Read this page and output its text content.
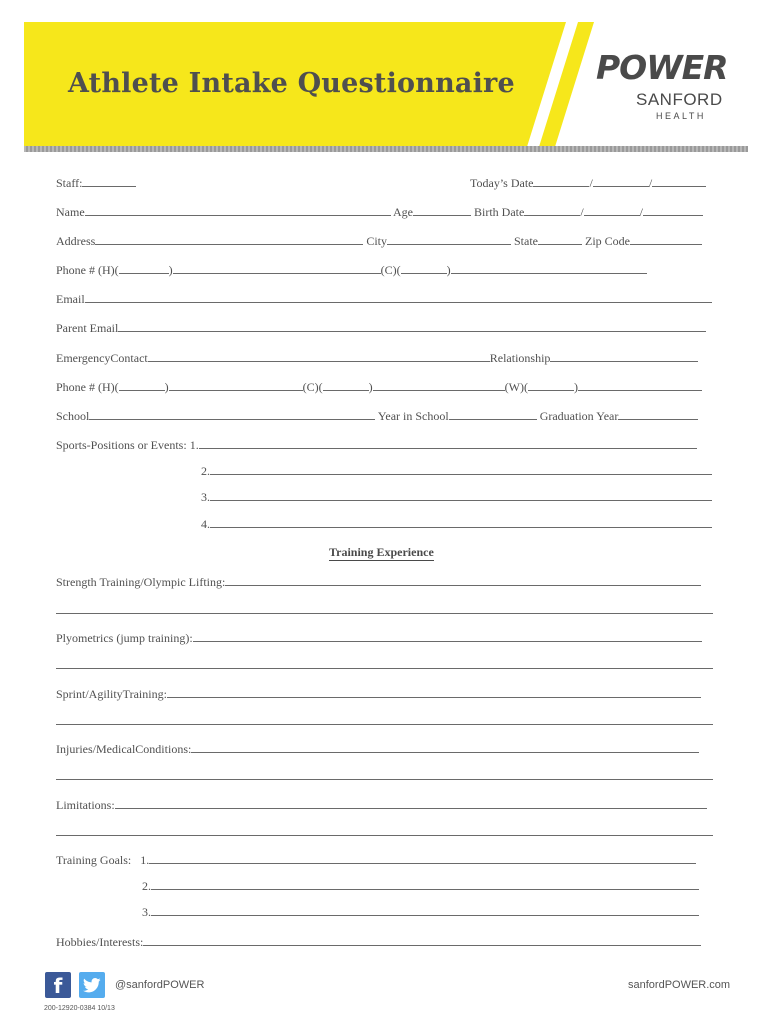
Athlete Intake Questionnaire POWER
SANFORD
HEALTH
Staff:	Today’s Date	/	/
Name	Age	Birth Date	/	/
Address	City	State	Zip Code
Phone # (H)(	)	(C)(	)
Email
Parent Email
EmergencyContact	Relationship
Phone # (H)(	)	(C)(	)	(W)(	)
School	Year in School	Graduation Year
Sports-Positions or Events: 1.
2.
3.
4.
Training Experience
Strength Training/Olympic Lifting:
Plyometrics (jump training):
Sprint/AgilityTraining:
Injuries/MedicalConditions:
Limitations:
Training Goals: 1.
2.
3.
Hobbies/Interests:
f	@sanfordPOWER	sanfordPOWER.com
200-12920-0384 10/13
